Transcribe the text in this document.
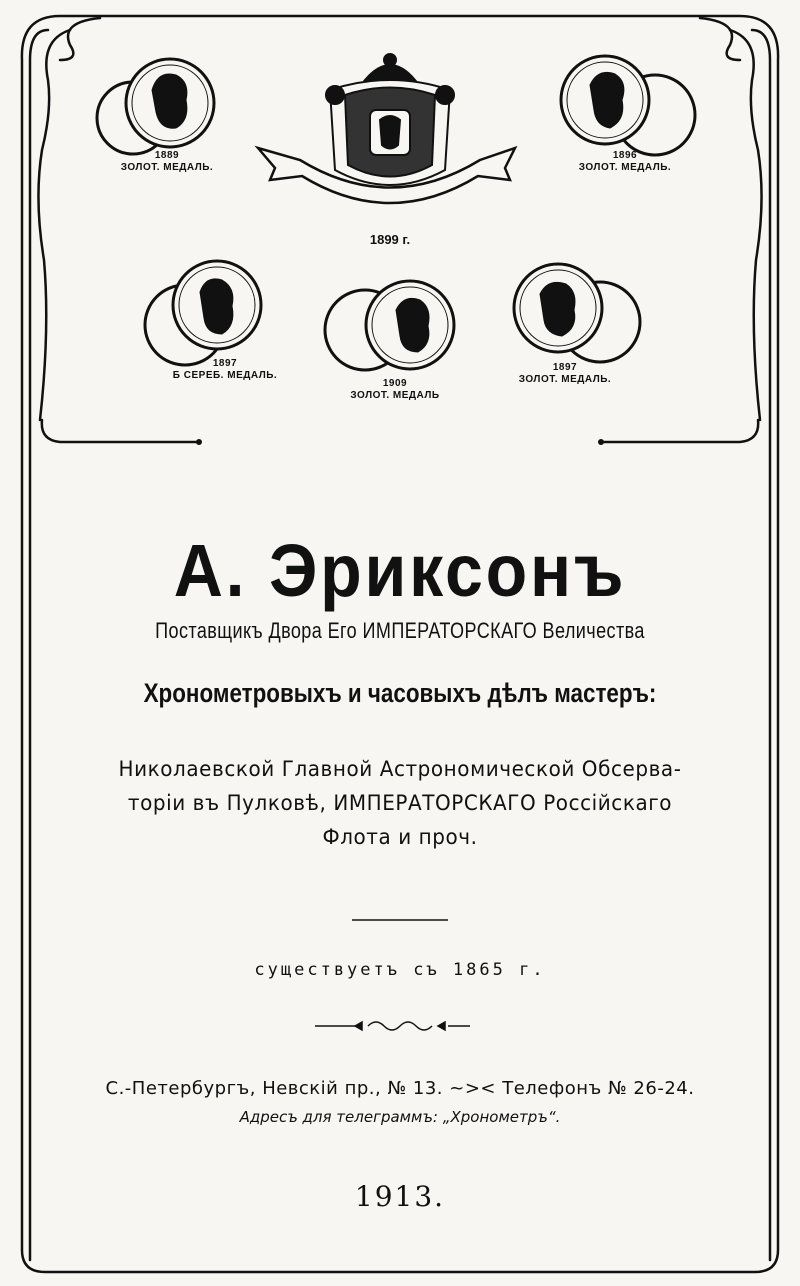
1889
ЗОЛОТ. МЕДАЛЬ.
1896
ЗОЛОТ. МЕДАЛЬ.
1897
Б СЕРЕБ. МЕДАЛЬ.
1909
ЗОЛОТ. МЕДАЛЬ
1897
ЗОЛОТ. МЕДАЛЬ.
1899 г.
А. Эриксонъ
Поставщикъ Двора Его ИМПЕРАТОРСКАГО Величества
Хронометровыхъ и часовыхъ дѣлъ мастеръ:
Николаевской Главной Астрономической Обсерва-
торіи въ Пулковѣ, ИМПЕРАТОРСКАГО Россійскаго
Флота и проч.
существуетъ съ 1865 г.
С.-Петербургъ, Невскій пр., № 13. ~>< Телефонъ № 26-24.
Адресъ для телеграммъ: „Хронометръ“.
1913.
